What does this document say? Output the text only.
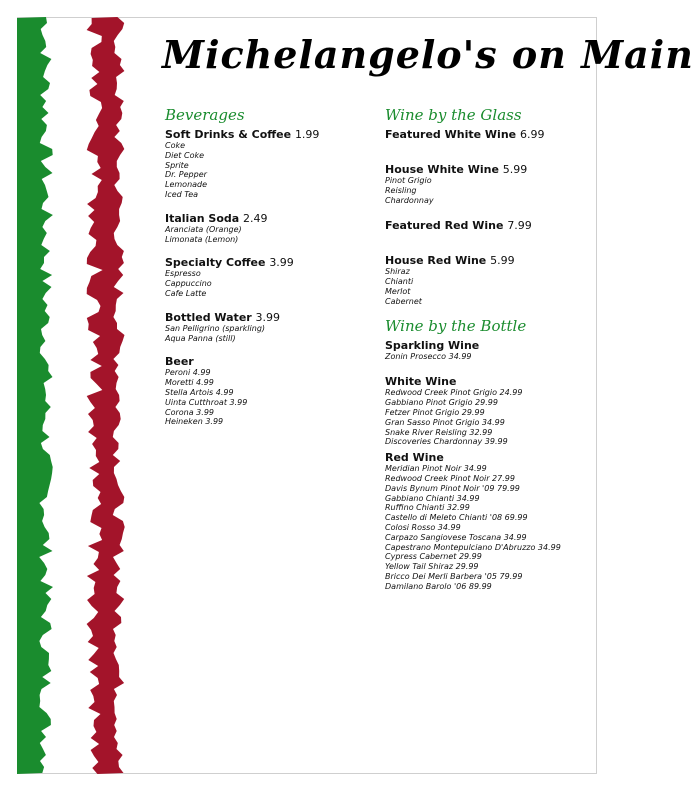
Michelangelo's on Main
Beverages
Soft Drinks & Coffee 1.99
Coke
Diet Coke
Sprite
Dr. Pepper
Lemonade
Iced Tea
Italian Soda 2.49
Aranciata (Orange)
Limonata (Lemon)
Specialty Coffee 3.99
Espresso
Cappuccino
Cafe Latte
Bottled Water 3.99
San Pelligrino (sparkling)
Aqua Panna (still)
Beer
Peroni 4.99
Moretti 4.99
Stella Artois 4.99
Uinta Cutthroat 3.99
Corona 3.99
Heineken 3.99
Wine by the Glass
Featured White Wine 6.99
House White Wine 5.99
Pinot Grigio
Reisling
Chardonnay
Featured Red Wine 7.99
House Red Wine 5.99
Shiraz
Chianti
Merlot
Cabernet
Wine by the Bottle
Sparkling Wine
Zonin Prosecco 34.99
White Wine
Redwood Creek Pinot Grigio 24.99
Gabbiano Pinot Grigio 29.99
Fetzer Pinot Grigio 29.99
Gran Sasso Pinot Grigio 34.99
Snake River Reisling 32.99
Discoveries Chardonnay 39.99
Red Wine
Meridian Pinot Noir 34.99
Redwood Creek Pinot Noir 27.99
Davis Bynum Pinot Noir '09 79.99
Gabbiano Chianti 34.99
Ruffino Chianti 32.99
Castello di Meleto Chianti '08 69.99
Colosi Rosso 34.99
Carpazo Sangiovese Toscana 34.99
Capestrano Montepulciano D'Abruzzo 34.99
Cypress Cabernet 29.99
Yellow Tail Shiraz 29.99
Bricco Dei Merli Barbera '05 79.99
Damilano Barolo '06 89.99
